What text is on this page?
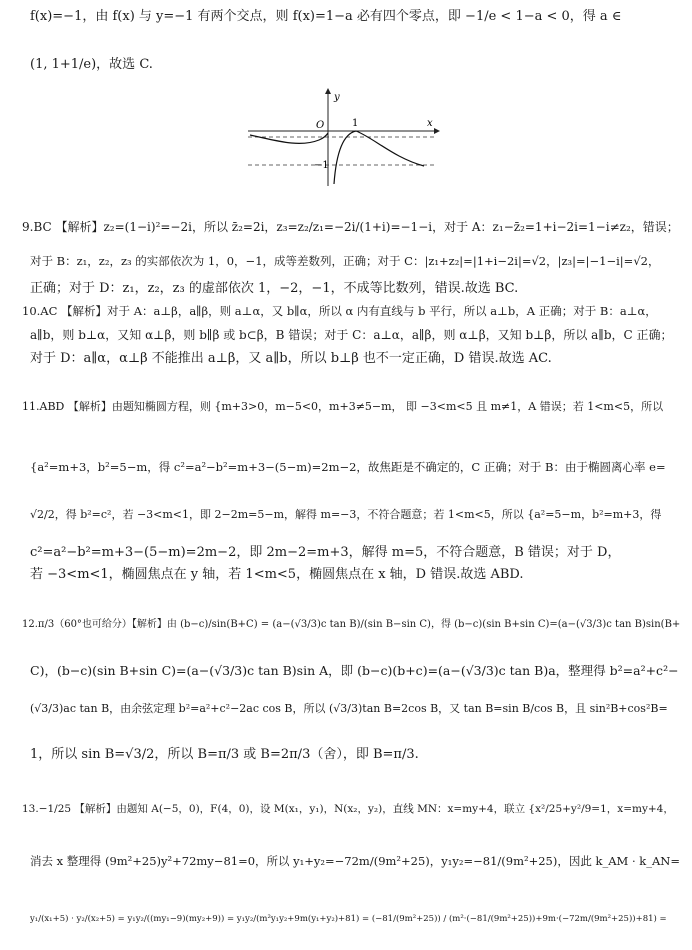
f(x)=−1，由 f(x) 与 y=−1 有两个交点，则 f(x)=1−a 必有四个零点，即 −1/e < 1−a < 0，得 a ∈
(1, 1+1/e)，故选 C.
9.BC 【解析】z₂=(1−i)²=−2i，所以 z̄₂=2i，z₃=z₂/z₁=−2i/(1+i)=−1−i，对于 A：z₁−z̄₂=1+i−2i=1−i≠z₂，错误；
对于 B：z₁，z₂，z₃ 的实部依次为 1，0，−1，成等差数列，正确；对于 C：|z₁+z₂|=|1+i−2i|=√2，|z₃|=|−1−i|=√2，
正确；对于 D：z₁，z₂，z₃ 的虚部依次 1，−2，−1，不成等比数列，错误.故选 BC.
10.AC 【解析】对于 A：a⊥β，a∥β，则 a⊥α，又 b∥α，所以 α 内有直线与 b 平行，所以 a⊥b，A 正确；对于 B：a⊥α，
a∥b，则 b⊥α，又知 α⊥β，则 b∥β 或 b⊂β，B 错误；对于 C：a⊥α，a∥β，则 α⊥β，又知 b⊥β，所以 a∥b，C 正确；
对于 D：a∥α，α⊥β 不能推出 a⊥β，又 a∥b，所以 b⊥β 也不一定正确，D 错误.故选 AC.
11.ABD 【解析】由题知椭圆方程，则 {m+3>0，m−5<0，m+3≠5−m， 即 −3<m<5 且 m≠1，A 错误；若 1<m<5，所以
{a²=m+3，b²=5−m，得 c²=a²−b²=m+3−(5−m)=2m−2，故焦距是不确定的，C 正确；对于 B：由于椭圆离心率 e=
√2/2，得 b²=c²，若 −3<m<1，即 2−2m=5−m，解得 m=−3，不符合题意；若 1<m<5，所以 {a²=5−m，b²=m+3，得
c²=a²−b²=m+3−(5−m)=2m−2，即 2m−2=m+3，解得 m=5，不符合题意，B 错误；对于 D，
若 −3<m<1，椭圆焦点在 y 轴，若 1<m<5，椭圆焦点在 x 轴，D 错误.故选 ABD.
12.π/3（60°也可给分）【解析】由 (b−c)/sin(B+C) = (a−(√3/3)c tan B)/(sin B−sin C)，得 (b−c)(sin B+sin C)=(a−(√3/3)c tan B)sin(B+
C)，(b−c)(sin B+sin C)=(a−(√3/3)c tan B)sin A，即 (b−c)(b+c)=(a−(√3/3)c tan B)a，整理得 b²=a²+c²−
(√3/3)ac tan B，由余弦定理 b²=a²+c²−2ac cos B，所以 (√3/3)tan B=2cos B，又 tan B=sin B/cos B，且 sin²B+cos²B=
1，所以 sin B=√3/2，所以 B=π/3 或 B=2π/3（舍），即 B=π/3.
13.−1/25 【解析】由题知 A(−5，0)，F(4，0)，设 M(x₁，y₁)，N(x₂，y₂)，直线 MN：x=my+4，联立 {x²/25+y²/9=1，x=my+4，
消去 x 整理得 (9m²+25)y²+72my−81=0，所以 y₁+y₂=−72m/(9m²+25)，y₁y₂=−81/(9m²+25)，因此 k_AM · k_AN=
y₁/(x₁+5) · y₂/(x₂+5) = y₁y₂/((my₁−9)(my₂+9)) = y₁y₂/(m²y₁y₂+9m(y₁+y₂)+81) = (−81/(9m²+25)) / (m²·(−81/(9m²+25))+9m·(−72m/(9m²+25))+81) =
y
x
O	1
−1
